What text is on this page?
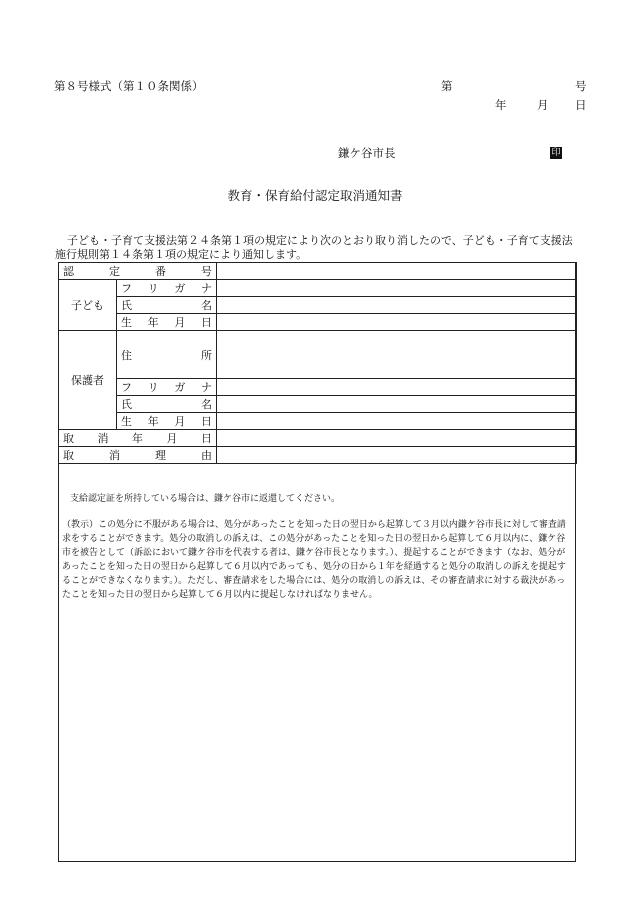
第８号様式（第１０条関係）	第	号
年	月 日
鎌ケ谷市長	印
教育・保育給付認定取消通知書
子ども・子育て支援法第２４条第１項の規定により次のとおり取り消したので、子ども・子育て支援法施行規則第１４条第１項の規定により通知します。
認　　定　　番　　号		
子ども	フ　リ　ガ　ナ	
	氏　　　　　名	
	生　年　月　日	
保護者	住　　　　　所	
	フ　リ　ガ　ナ	
	氏　　　　　名	
	生　年　月　日	
取　消　年　月　日		
取　　消　　理　　由		

支給認定証を所持している場合は、鎌ケ谷市に返還してください。

（教示）この処分に不服がある場合は、処分があったことを知った日の翌日から起算して３月以内鎌ケ谷市長に対して審査請求をすることができます。処分の取消しの訴えは、この処分があったことを知った日の翌日から起算して６月以内に、鎌ケ谷市を被告として（訴訟において鎌ケ谷市を代表する者は、鎌ケ谷市長となります。）、提起することができます（なお、処分があったことを知った日の翌日から起算して６月以内であっても、処分の日から１年を経過すると処分の取消しの訴えを提起することができなくなります。）。ただし、審査請求をした場合には、処分の取消しの訴えは、その審査請求に対する裁決があったことを知った日の翌日から起算して６月以内に提起しなければなりません。
